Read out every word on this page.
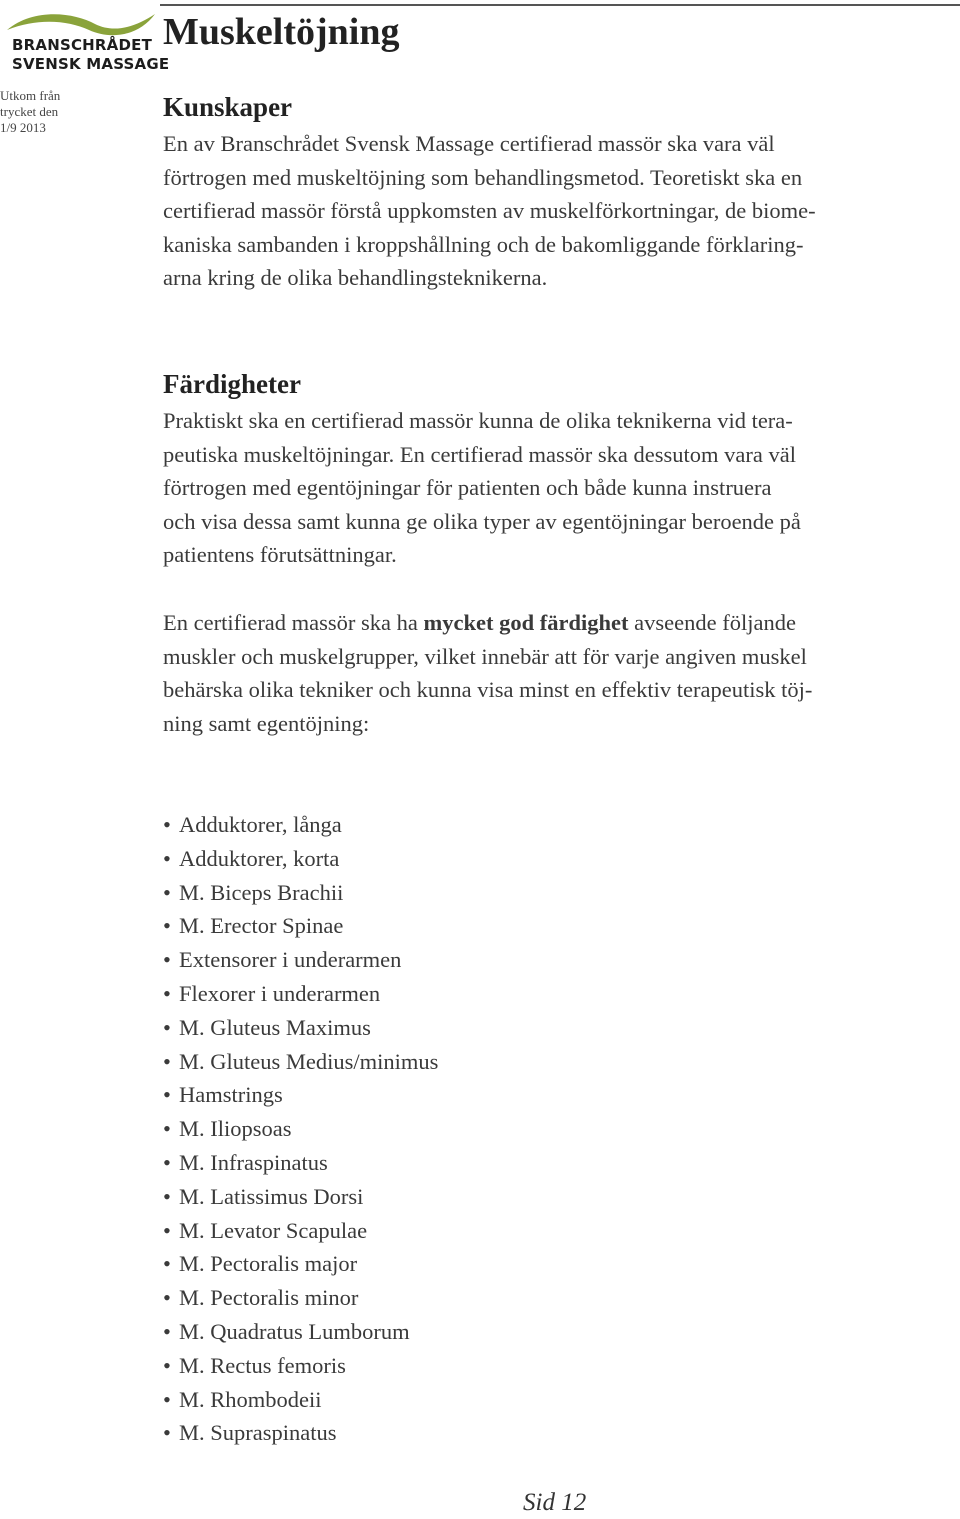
BRANSCHRÅDET
SVENSK MASSAGE
Utkom från
trycket den
1/9 2013
Muskeltöjning
Kunskaper

En av Branschrådet Svensk Massage certifierad massör ska vara väl
förtrogen med muskeltöjning som behandlingsmetod. Teoretiskt ska en
certifierad massör förstå uppkomsten av muskelförkortningar, de biome-
kaniska sambanden i kroppshållning och de bakomliggande förklaring-
arna kring de olika behandlingsteknikerna.

Färdigheter

Praktiskt ska en certifierad massör kunna de olika teknikerna vid tera-
peutiska muskeltöjningar. En certifierad massör ska dessutom vara väl
förtrogen med egentöjningar för patienten och både kunna instruera
och visa dessa samt kunna ge olika typer av egentöjningar beroende på
patientens förutsättningar.

En certifierad massör ska ha mycket god färdighet avseende följande
muskler och muskelgrupper, vilket innebär att för varje angiven muskel
behärska olika tekniker och kunna visa minst en effektiv terapeutisk töj-
ning samt egentöjning:

• Adduktorer, långa
• Adduktorer, korta
• M. Biceps Brachii
• M. Erector Spinae
• Extensorer i underarmen
• Flexorer i underarmen
• M. Gluteus Maximus
• M. Gluteus Medius/minimus
• Hamstrings
• M. Iliopsoas
• M. Infraspinatus
• M. Latissimus Dorsi
• M. Levator Scapulae
• M. Pectoralis major
• M. Pectoralis minor
• M. Quadratus Lumborum
• M. Rectus femoris
• M. Rhombodeii
• M. Supraspinatus
Sid 12
